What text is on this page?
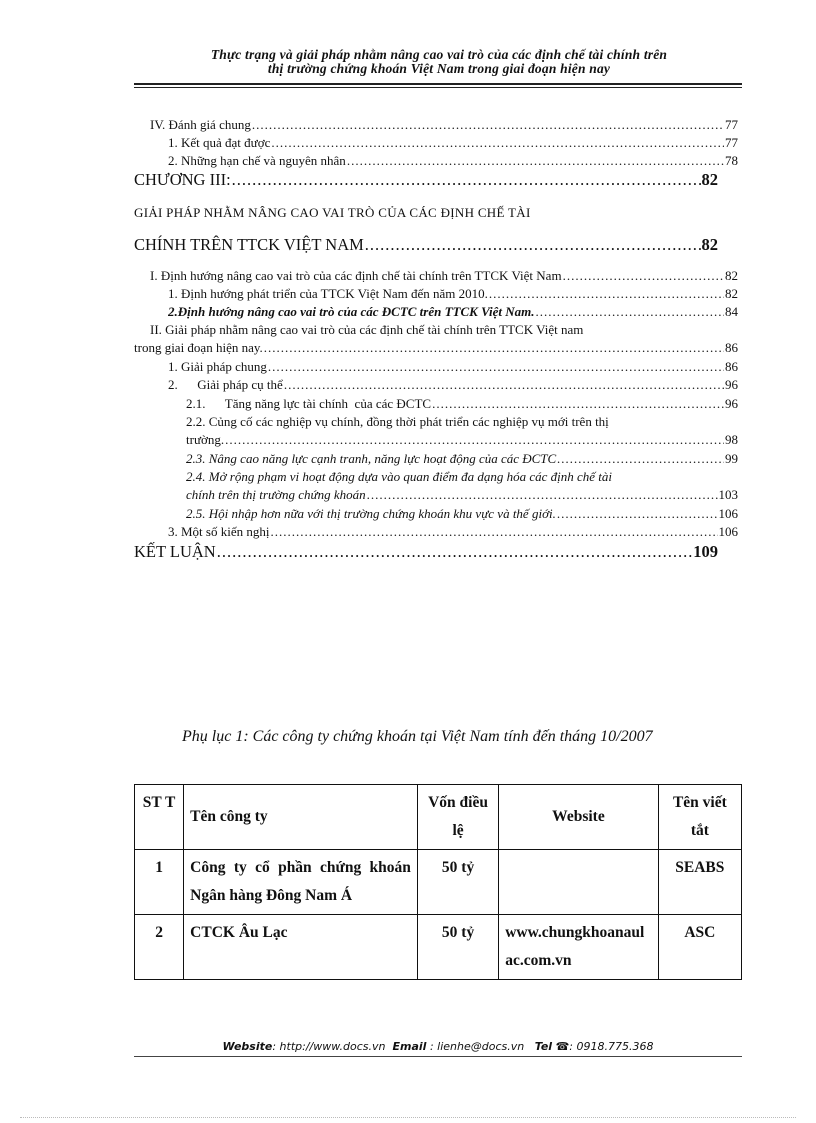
Thực trạng và giải pháp nhằm nâng cao vai trò của các định chế tài chính trên
thị trường chứng khoán Việt Nam trong giai đoạn hiện nay
IV. Đánh giá chung .....	77
1. Kết quả đạt được .....	77
2. Những hạn chế và nguyên nhân .....	78
CHƯƠNG III: .....	82
GIẢI PHÁP NHẰM NÂNG CAO VAI TRÒ CỦA CÁC ĐỊNH CHẾ TÀI
CHÍNH TRÊN TTCK VIỆT NAM .....	82
I. Định hướng nâng cao vai trò của các định chế tài chính trên TTCK Việt Nam .....	82
1. Định hướng phát triển của TTCK Việt Nam đến năm 2010. .....	82
2.Định hướng nâng cao vai trò của các ĐCTC trên TTCK Việt Nam. .....	84
II. Giải pháp nhằm nâng cao vai trò của các định chế tài chính trên TTCK Việt nam
trong giai đoạn hiện nay. .....	86
1. Giải pháp chung .....	86
2.      Giải pháp cụ thể .....	96
2.1.      Tăng năng lực tài chính  của các ĐCTC .....	96
2.2. Củng cố các nghiệp vụ chính, đồng thời phát triển các nghiệp vụ mới trên thị
trường. .....	98
2.3. Nâng cao năng lực cạnh tranh, năng lực hoạt động của các ĐCTC .....	99
2.4. Mở rộng phạm vi hoạt động dựa vào quan điểm đa dạng hóa các định chế tài
chính trên thị trường chứng khoán .....	103
2.5. Hội nhập hơn nữa với thị trường chứng khoán khu vực và thế giới. .....	106
3. Một số kiến nghị .....	106
KẾT LUẬN .....	109
Phụ lục 1: Các công ty chứng khoán tại Việt Nam tính đến tháng 10/2007
ST T	Tên công ty	Vốn điều lệ	Website	Tên viết tắt
1	Công ty cổ phần chứng khoán Ngân hàng Đông Nam Á	50 tỷ		SEABS
2	CTCK Âu Lạc	50 tỷ	www.chungkhoanaulac.com.vn	ASC
Website: http://www.docs.vn Email : lienhe@docs.vn Tel ☎: 0918.775.368
